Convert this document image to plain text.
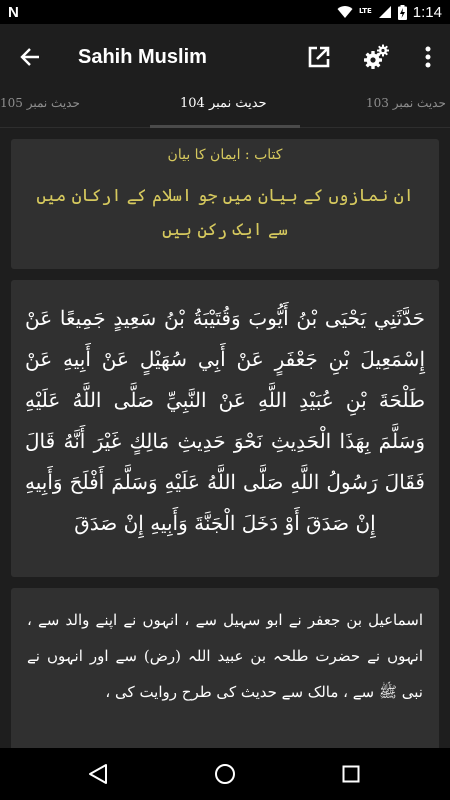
N	LTE	1:14
Sahih Muslim
حدیث نمبر 105	حدیث نمبر 104	حدیث نمبر 103
کتاب : ایمان کا بیان
ان نمازوں کے بیان میں جو اسلام کے ارکان میں سے ایک رکن ہیں
حَدَّثَنِي يَحْيَى بْنُ أَيُّوبَ وَقُتَيْبَةُ بْنُ سَعِيدٍ جَمِيعًا عَنْ إِسْمَعِيلَ بْنِ جَعْفَرٍ عَنْ أَبِي سُهَيْلٍ عَنْ أَبِيهِ عَنْ طَلْحَةَ بْنِ عُبَيْدِ اللَّهِ عَنْ النَّبِيِّ صَلَّى اللَّهُ عَلَيْهِ وَسَلَّمَ بِهَذَا الْحَدِيثِ نَحْوَ حَدِيثِ مَالِكٍ غَيْرَ أَنَّهُ قَالَ فَقَالَ رَسُولُ اللَّهِ صَلَّى اللَّهُ عَلَيْهِ وَسَلَّمَ أَفْلَحَ وَأَبِيهِ إِنْ صَدَقَ أَوْ دَخَلَ الْجَنَّةَ وَأَبِيهِ إِنْ صَدَقَ
اسماعیل بن جعفر نے ابو سہیل سے ، انہوں نے اپنے والد سے ، انہوں نے حضرت طلحہ بن عبید اللہ (رض) سے اور انہوں نے نبی ﷺ سے ، مالک سے حدیث کی طرح روایت کی ،
